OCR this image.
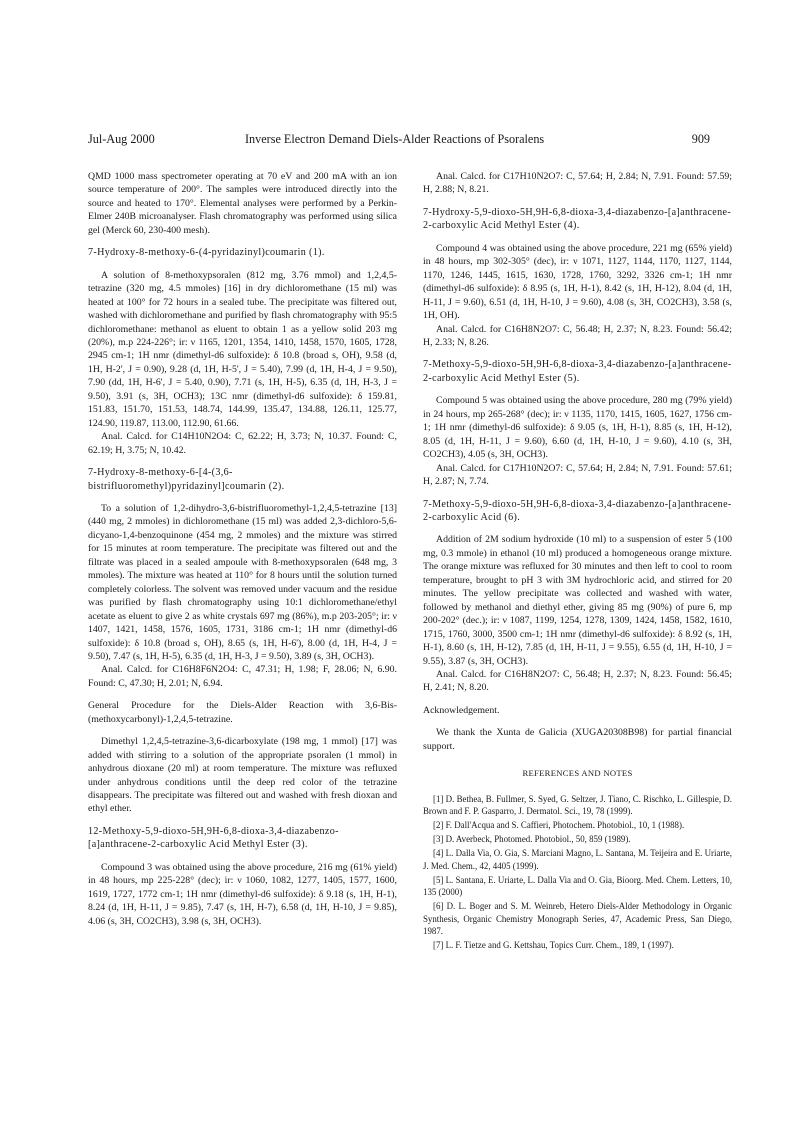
Jul-Aug 2000	Inverse Electron Demand Diels-Alder Reactions of Psoralens	909

QMD 1000 mass spectrometer operating at 70 eV and 200 mA with an ion source temperature of 200°. The samples were introduced directly into the source and heated to 170°. Elemental analyses were performed by a Perkin-Elmer 240B microanalyser. Flash chromatography was performed using silica gel (Merck 60, 230-400 mesh).

7-Hydroxy-8-methoxy-6-(4-pyridazinyl)coumarin (1).

A solution of 8-methoxypsoralen (812 mg, 3.76 mmol) and 1,2,4,5-tetrazine (320 mg, 4.5 mmoles) [16] in dry dichloromethane (15 ml) was heated at 100° for 72 hours in a sealed tube. The precipitate was filtered out, washed with dichloromethane and purified by flash chromatography with 95:5 dichloromethane: methanol as eluent to obtain 1 as a yellow solid 203 mg (20%), m.p 224-226°; ir: ν 1165, 1201, 1354, 1410, 1458, 1570, 1605, 1728, 2945 cm-1; 1H nmr (dimethyl-d6 sulfoxide): δ 10.8 (broad s, OH), 9.58 (d, 1H, H-2', J = 0.90), 9.28 (d, 1H, H-5', J = 5.40), 7.99 (d, 1H, H-4, J = 9.50), 7.90 (dd, 1H, H-6', J = 5.40, 0.90), 7.71 (s, 1H, H-5), 6.35 (d, 1H, H-3, J = 9.50), 3.91 (s, 3H, OCH3); 13C nmr (dimethyl-d6 sulfoxide): δ 159.81, 151.83, 151.70, 151.53, 148.74, 144.99, 135.47, 134.88, 126.11, 125.77, 124.90, 119.87, 113.00, 112.90, 61.66.

Anal. Calcd. for C14H10N2O4: C, 62.22; H, 3.73; N, 10.37. Found: C, 62.19; H, 3.75; N, 10.42.

7-Hydroxy-8-methoxy-6-[4-(3,6-bistrifluoromethyl)pyridazinyl]coumarin (2).

To a solution of 1,2-dihydro-3,6-bistrifluoromethyl-1,2,4,5-tetrazine [13] (440 mg, 2 mmoles) in dichloromethane (15 ml) was added 2,3-dichloro-5,6-dicyano-1,4-benzoquinone (454 mg, 2 mmoles) and the mixture was stirred for 15 minutes at room temperature. The precipitate was filtered out and the filtrate was placed in a sealed ampoule with 8-methoxypsoralen (648 mg, 3 mmoles). The mixture was heated at 110° for 8 hours until the solution turned completely colorless. The solvent was removed under vacuum and the residue was purified by flash chromatography using 10:1 dichloromethane/ethyl acetate as eluent to give 2 as white crystals 697 mg (86%), m.p 203-205°; ir: ν 1407, 1421, 1458, 1576, 1605, 1731, 3186 cm-1; 1H nmr (dimethyl-d6 sulfoxide): δ 10.8 (broad s, OH), 8.65 (s, 1H, H-6'), 8.00 (d, 1H, H-4, J = 9.50), 7.47 (s, 1H, H-5), 6.35 (d, 1H, H-3, J = 9.50), 3.89 (s, 3H, OCH3).

Anal. Calcd. for C16H8F6N2O4: C, 47.31; H, 1.98; F, 28.06; N, 6.90. Found: C, 47.30; H, 2.01; N, 6.94.

General Procedure for the Diels-Alder Reaction with 3,6-Bis-(methoxycarbonyl)-1,2,4,5-tetrazine.

Dimethyl 1,2,4,5-tetrazine-3,6-dicarboxylate (198 mg, 1 mmol) [17] was added with stirring to a solution of the appropriate psoralen (1 mmol) in anhydrous dioxane (20 ml) at room temperature. The mixture was refluxed under anhydrous conditions until the deep red color of the tetrazine disappears. The precipitate was filtered out and washed with fresh dioxan and ethyl ether.

12-Methoxy-5,9-dioxo-5H,9H-6,8-dioxa-3,4-diazabenzo-[a]anthracene-2-carboxylic Acid Methyl Ester (3).

Compound 3 was obtained using the above procedure, 216 mg (61% yield) in 48 hours, mp 225-228° (dec); ir: ν 1060, 1082, 1277, 1405, 1577, 1600, 1619, 1727, 1772 cm-1; 1H nmr (dimethyl-d6 sulfoxide): δ 9.18 (s, 1H, H-1), 8.24 (d, 1H, H-11, J = 9.85), 7.47 (s, 1H, H-7), 6.58 (d, 1H, H-10, J = 9.85), 4.06 (s, 3H, CO2CH3), 3.98 (s, 3H, OCH3).

Anal. Calcd. for C17H10N2O7: C, 57.64; H, 2.84; N, 7.91. Found: 57.59; H, 2.88; N, 8.21.

7-Hydroxy-5,9-dioxo-5H,9H-6,8-dioxa-3,4-diazabenzo-[a]anthracene-2-carboxylic Acid Methyl Ester (4).

Compound 4 was obtained using the above procedure, 221 mg (65% yield) in 48 hours, mp 302-305° (dec), ir: ν 1071, 1127, 1144, 1170, 1127, 1144, 1170, 1246, 1445, 1615, 1630, 1728, 1760, 3292, 3326 cm-1; 1H nmr (dimethyl-d6 sulfoxide): δ 8.95 (s, 1H, H-1), 8.42 (s, 1H, H-12), 8.04 (d, 1H, H-11, J = 9.60), 6.51 (d, 1H, H-10, J = 9.60), 4.08 (s, 3H, CO2CH3), 3.58 (s, 1H, OH).

Anal. Calcd. for C16H8N2O7: C, 56.48; H, 2.37; N, 8.23. Found: 56.42; H, 2.33; N, 8.26.

7-Methoxy-5,9-dioxo-5H,9H-6,8-dioxa-3,4-diazabenzo-[a]anthracene-2-carboxylic Acid Methyl Ester (5).

Compound 5 was obtained using the above procedure, 280 mg (79% yield) in 24 hours, mp 265-268° (dec); ir: ν 1135, 1170, 1415, 1605, 1627, 1756 cm-1; 1H nmr (dimethyl-d6 sulfoxide): δ 9.05 (s, 1H, H-1), 8.85 (s, 1H, H-12), 8.05 (d, 1H, H-11, J = 9.60), 6.60 (d, 1H, H-10, J = 9.60), 4.10 (s, 3H, CO2CH3), 4.05 (s, 3H, OCH3).

Anal. Calcd. for C17H10N2O7: C, 57.64; H, 2.84; N, 7.91. Found: 57.61; H, 2.87; N, 7.74.

7-Methoxy-5,9-dioxo-5H,9H-6,8-dioxa-3,4-diazabenzo-[a]anthracene-2-carboxylic Acid (6).

Addition of 2M sodium hydroxide (10 ml) to a suspension of ester 5 (100 mg, 0.3 mmole) in ethanol (10 ml) produced a homogeneous orange mixture. The orange mixture was refluxed for 30 minutes and then left to cool to room temperature, brought to pH 3 with 3M hydrochloric acid, and stirred for 20 minutes. The yellow precipitate was collected and washed with water, followed by methanol and diethyl ether, giving 85 mg (90%) of pure 6, mp 200-202° (dec.); ir: ν 1087, 1199, 1254, 1278, 1309, 1424, 1458, 1582, 1610, 1715, 1760, 3000, 3500 cm-1; 1H nmr (dimethyl-d6 sulfoxide): δ 8.92 (s, 1H, H-1), 8.60 (s, 1H, H-12), 7.85 (d, 1H, H-11, J = 9.55), 6.55 (d, 1H, H-10, J = 9.55), 3.87 (s, 3H, OCH3).

Anal. Calcd. for C16H8N2O7: C, 56.48; H, 2.37; N, 8.23. Found: 56.45; H, 2.41; N, 8.20.

Acknowledgement.

We thank the Xunta de Galicia (XUGA20308B98) for partial financial support.

REFERENCES AND NOTES

[1] D. Bethea, B. Fullmer, S. Syed, G. Seltzer, J. Tiano, C. Rischko, L. Gillespie, D. Brown and F. P. Gasparro, J. Dermatol. Sci., 19, 78 (1999).

[2] F. Dall'Acqua and S. Caffieri, Photochem. Photobiol., 10, 1 (1988).

[3] D. Averbeck, Photomed. Photobiol., 50, 859 (1989).

[4] L. Dalla Via, O. Gia, S. Marciani Magno, L. Santana, M. Teijeira and E. Uriarte, J. Med. Chem., 42, 4405 (1999).

[5] L. Santana, E. Uriarte, L. Dalla Via and O. Gia, Bioorg. Med. Chem. Letters, 10, 135 (2000)

[6] D. L. Boger and S. M. Weinreb, Hetero Diels-Alder Methodology in Organic Synthesis, Organic Chemistry Monograph Series, 47, Academic Press, San Diego, 1987.

[7] L. F. Tietze and G. Kettshau, Topics Curr. Chem., 189, 1 (1997).
